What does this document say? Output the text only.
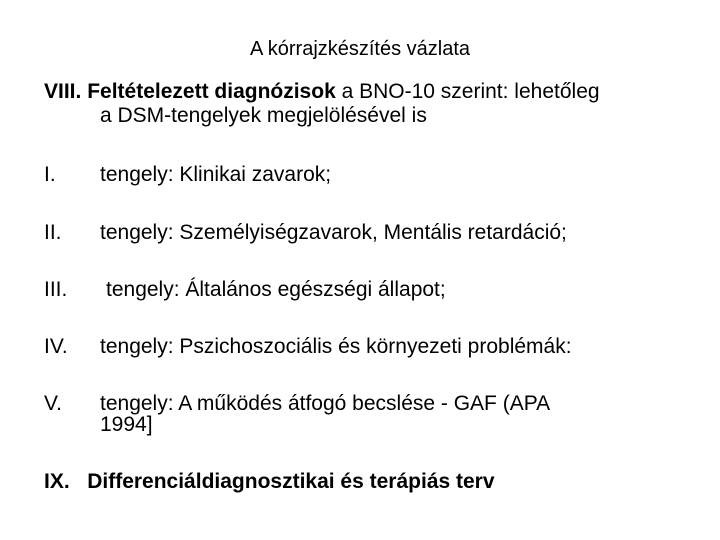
A kórrajzkészítés vázlata
VIII. Feltételezett diagnózisok a BNO-10 szerint: lehetőleg
a DSM-tengelyek megjelölésével is
I. tengely: Klinikai zavarok;
II. tengely: Személyiségzavarok, Mentális retardáció;
III. tengely: Általános egészségi állapot;
IV. tengely: Pszichoszociális és környezeti problémák:
V. tengely: A működés átfogó becslése - GAF (APA
1994]
IX. Differenciáldiagnosztikai és terápiás terv
